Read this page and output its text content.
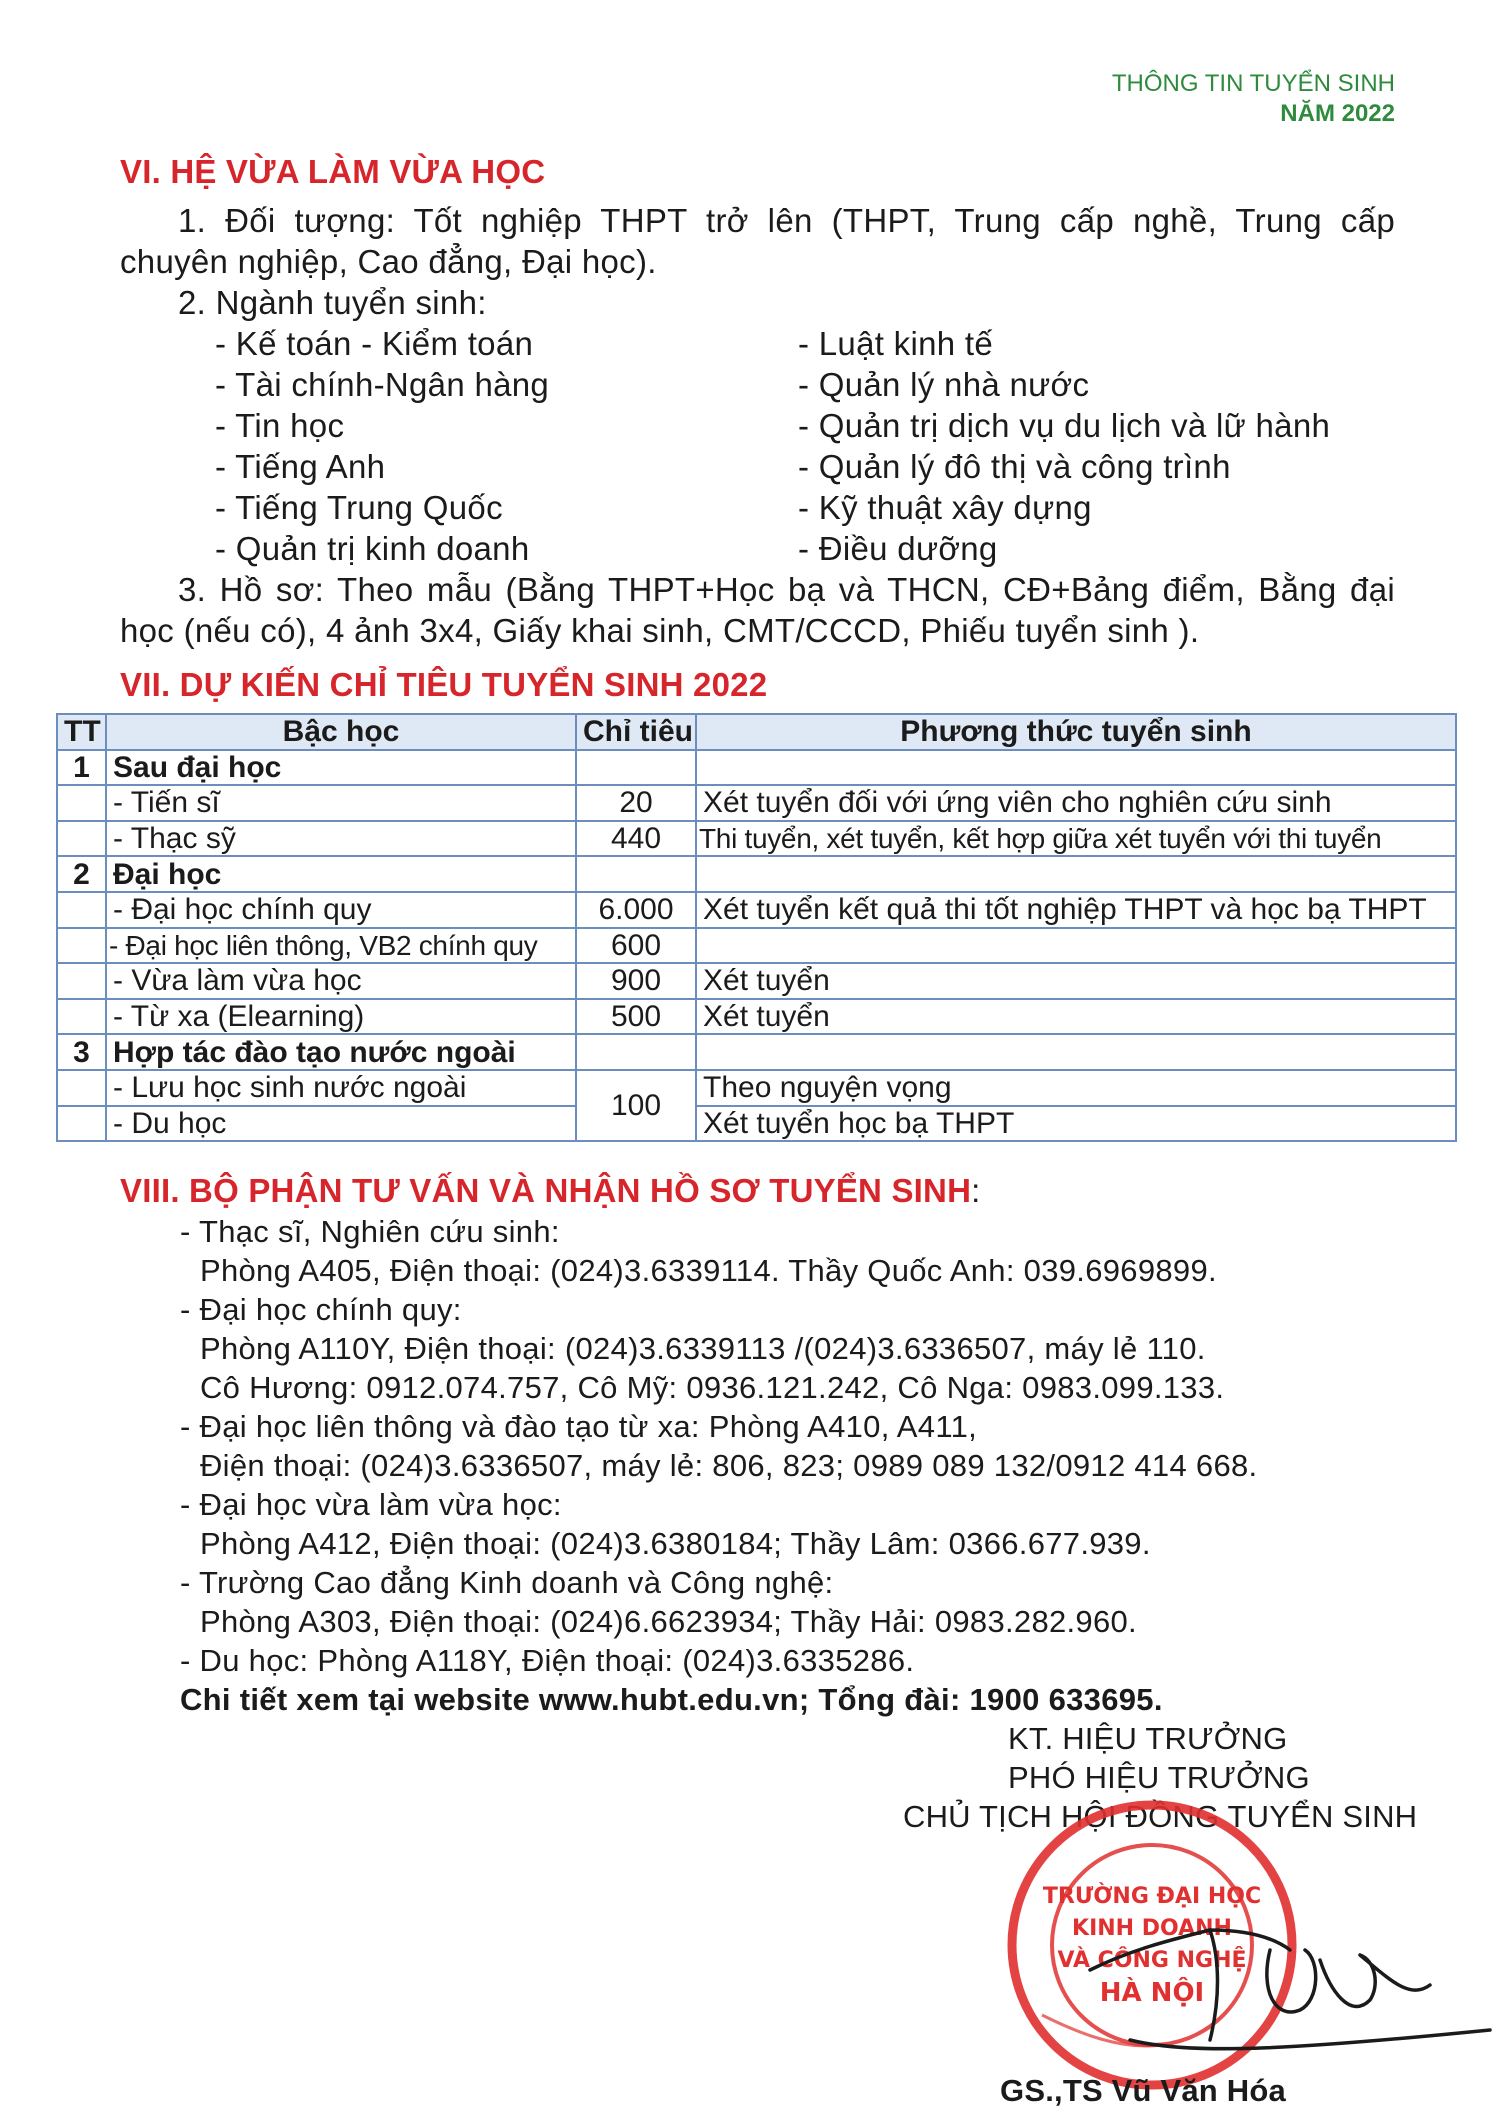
THÔNG TIN TUYỂN SINH
NĂM 2022
VI. HỆ VỪA LÀM VỪA HỌC
1. Đối tượng: Tốt nghiệp THPT trở lên (THPT, Trung cấp nghề, Trung cấp
chuyên nghiệp, Cao đẳng, Đại học).
2. Ngành tuyển sinh:
- Kế toán - Kiểm toán
- Tài chính-Ngân hàng
- Tin học
- Tiếng Anh
- Tiếng Trung Quốc
- Quản trị kinh doanh
- Luật kinh tế
- Quản lý nhà nước
- Quản trị dịch vụ du lịch và lữ hành
- Quản lý đô thị và công trình
- Kỹ thuật xây dựng
- Điều dưỡng
3. Hồ sơ: Theo mẫu (Bằng THPT+Học bạ và THCN, CĐ+Bảng điểm, Bằng đại
học (nếu có), 4 ảnh 3x4, Giấy khai sinh, CMT/CCCD, Phiếu tuyển sinh ).
VII. DỰ KIẾN CHỈ TIÊU TUYỂN SINH 2022
TT	Bậc học	Chỉ tiêu	Phương thức tuyển sinh
1	Sau đại học		
	- Tiến sĩ	20	Xét tuyển đối với ứng viên cho nghiên cứu sinh
	- Thạc sỹ	440	Thi tuyển, xét tuyển, kết hợp giữa xét tuyển với thi tuyển
2	Đại học		
	- Đại học chính quy	6.000	Xét tuyển kết quả thi tốt nghiệp THPT và học bạ THPT
	- Đại học liên thông, VB2 chính quy	600	
	- Vừa làm vừa học	900	Xét tuyển
	- Từ xa (Elearning)	500	Xét tuyển
3	Hợp tác đào tạo nước ngoài		
	- Lưu học sinh nước ngoài	100	Theo nguyện vọng
	- Du học		Xét tuyển học bạ THPT
VIII. BỘ PHẬN TƯ VẤN VÀ NHẬN HỒ SƠ TUYỂN SINH:
- Thạc sĩ, Nghiên cứu sinh:
Phòng A405, Điện thoại: (024)3.6339114. Thầy Quốc Anh: 039.6969899.
- Đại học chính quy:
Phòng A110Y, Điện thoại: (024)3.6339113 /(024)3.6336507, máy lẻ 110.
Cô Hương: 0912.074.757, Cô Mỹ: 0936.121.242, Cô Nga: 0983.099.133.
- Đại học liên thông và đào tạo từ xa: Phòng A410, A411,
Điện thoại: (024)3.6336507, máy lẻ: 806, 823; 0989 089 132/0912 414 668.
- Đại học vừa làm vừa học:
Phòng A412, Điện thoại: (024)3.6380184; Thầy Lâm: 0366.677.939.
- Trường Cao đẳng Kinh doanh và Công nghệ:
Phòng A303, Điện thoại: (024)6.6623934; Thầy Hải: 0983.282.960.
- Du học: Phòng A118Y, Điện thoại: (024)3.6335286.
Chi tiết xem tại website www.hubt.edu.vn; Tổng đài: 1900 633695.
KT. HIỆU TRƯỞNG
PHÓ HIỆU TRƯỞNG
CHỦ TỊCH HỘI ĐỒNG TUYỂN SINH
TRƯỜNG ĐẠI HỌC
KINH DOANH
VÀ CÔNG NGHỆ
HÀ NỘI
GS.,TS Vũ Văn Hóa
